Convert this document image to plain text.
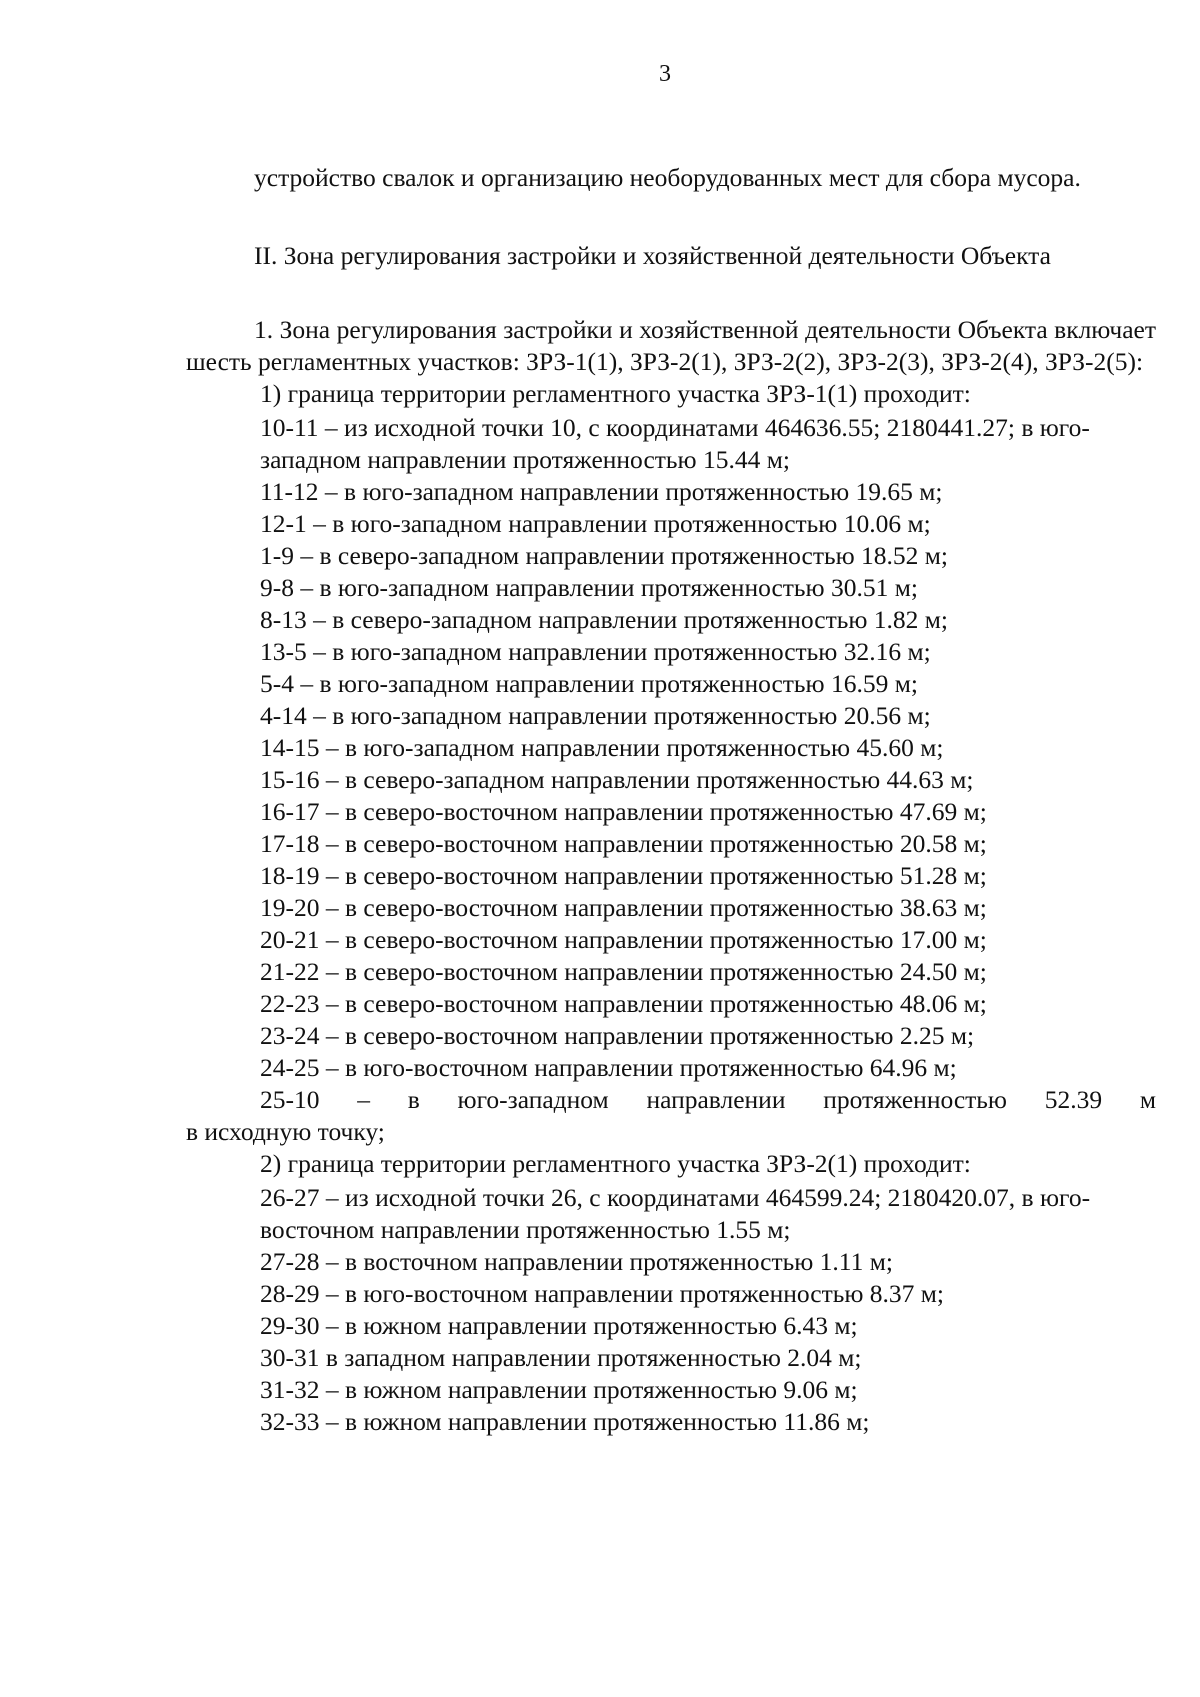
3

устройство свалок и организацию необорудованных мест для сбора мусора.

II. Зона регулирования застройки и хозяйственной деятельности Объекта

1. Зона регулирования застройки и хозяйственной деятельности Объекта включает шесть регламентных участков: ЗРЗ-1(1), ЗРЗ-2(1), ЗРЗ-2(2), ЗРЗ-2(3), ЗРЗ-2(4), ЗРЗ-2(5):

1) граница территории регламентного участка ЗРЗ-1(1) проходит:

10-11 – из исходной точки 10, с координатами 464636.55; 2180441.27; в юго-западном направлении протяженностью 15.44 м;

11-12 – в юго-западном направлении протяженностью 19.65 м;

12-1 – в юго-западном направлении протяженностью 10.06 м;

1-9 – в северо-западном направлении протяженностью 18.52 м;

9-8 – в юго-западном направлении протяженностью 30.51 м;

8-13 – в северо-западном направлении протяженностью 1.82 м;

13-5 – в юго-западном направлении протяженностью 32.16 м;

5-4 – в юго-западном направлении протяженностью 16.59 м;

4-14 – в юго-западном направлении протяженностью 20.56 м;

14-15 – в юго-западном направлении протяженностью 45.60 м;

15-16 – в северо-западном направлении протяженностью 44.63 м;

16-17 – в северо-восточном направлении протяженностью 47.69 м;

17-18 – в северо-восточном направлении протяженностью 20.58 м;

18-19 – в северо-восточном направлении протяженностью 51.28 м;

19-20 – в северо-восточном направлении протяженностью 38.63 м;

20-21 – в северо-восточном направлении протяженностью 17.00 м;

21-22 – в северо-восточном направлении протяженностью 24.50 м;

22-23 – в северо-восточном направлении протяженностью 48.06 м;

23-24 – в северо-восточном направлении протяженностью 2.25 м;

24-25 – в юго-восточном направлении протяженностью 64.96 м;

25-10 – в юго-западном направлении протяженностью 52.39 м

в исходную точку;

2) граница территории регламентного участка ЗРЗ-2(1) проходит:

26-27 – из исходной точки 26, с координатами 464599.24; 2180420.07, в юго-восточном направлении протяженностью 1.55 м;

27-28 – в восточном направлении протяженностью 1.11 м;

28-29 – в юго-восточном направлении протяженностью 8.37 м;

29-30 – в южном направлении протяженностью 6.43 м;

30-31 в западном направлении протяженностью 2.04 м;

31-32 – в южном направлении протяженностью 9.06 м;

32-33 – в южном направлении протяженностью 11.86 м;
